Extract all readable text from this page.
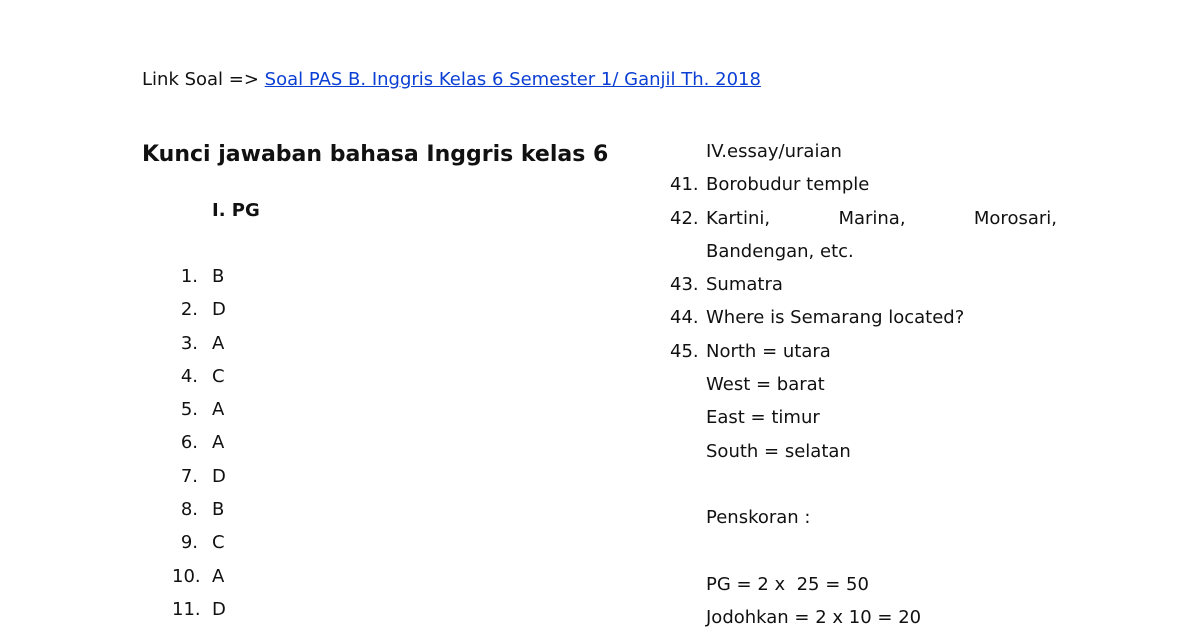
Link Soal => Soal PAS B. Inggris Kelas 6 Semester 1/ Ganjil Th. 2018
Kunci jawaban bahasa Inggris kelas 6
I. PG
1. B
2. D
3. A
4. C
5. A
6. A
7. D
8. B
9. C
10. A
11. D
IV.essay/uraian
41. Borobudur temple
42. Kartini,	Marina,	Morosari,
Bandengan, etc.
43. Sumatra
44. Where is Semarang located?
45. North = utara
West = barat
East = timur
South = selatan
Penskoran :
PG = 2 x  25 = 50
Jodohkan = 2 x 10 = 20
